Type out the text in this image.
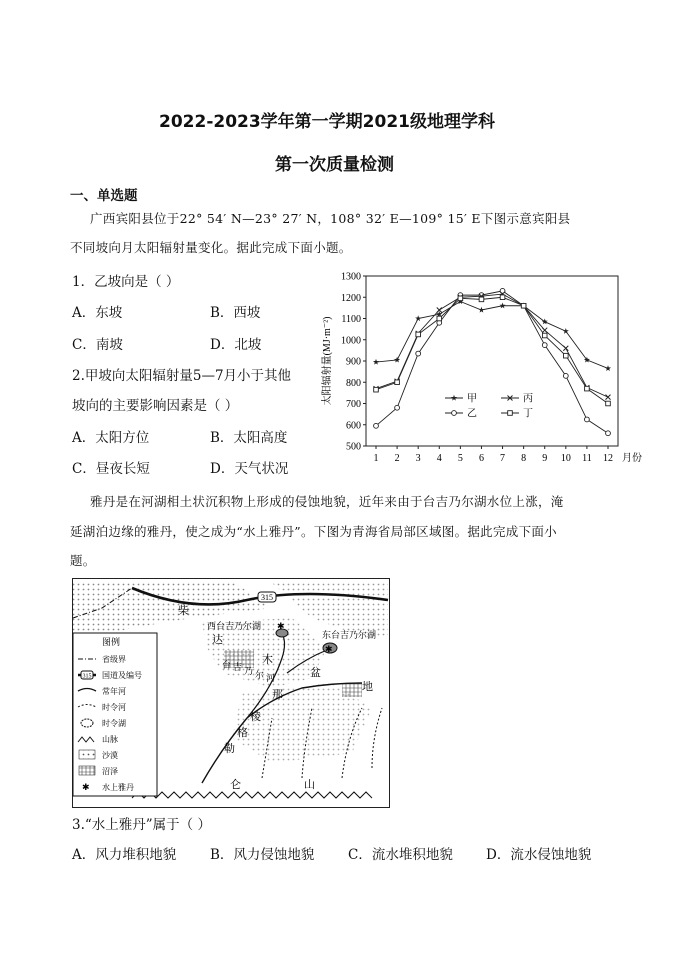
2022-2023学年第一学期2021级地理学科
第一次质量检测
一、单选题
广西宾阳县位于22° 54′ N—23° 27′ N，108° 32′ E—109° 15′ E下图示意宾阳县
不同坡向月太阳辐射量变化。据此完成下面小题。
1．乙坡向是（ ）
A．东坡	B．西坡
C．南坡	D．北坡
2.甲坡向太阳辐射量5—7月小于其他
坡向的主要影响因素是（ ）
A．太阳方位	B．太阳高度
C．昼夜长短	D．天气状况
500
600
700
800
900
1000
1100
1200
1300
1 2 3 4 5 6 7 8 9 10 11 12 月份
太阳辐射量(MJ·m⁻²)	甲	丙
乙	丁
雅丹是在河湖相土状沉积物上形成的侵蚀地貌，近年来由于台吉乃尔湖水位上涨，淹
延湖泊边缘的雅丹，使之成为“水上雅丹”。下图为青海省局部区域图。据此完成下面小
题。
315
✱
✱
柴
西台吉乃尔湖
达	东台吉乃尔湖
木
盆
地
台 吉 乃 尔 河
那
棱
格
勒
仑	山
图例
省级界
315 国道及编号
常年河
时令河
时令湖
山脉
沙漠
沼泽
✱ 水上雅丹
3.“水上雅丹”属于（ ）
A．风力堆积地貌	B．风力侵蚀地貌 C．流水堆积地貌 D．流水侵蚀地貌
